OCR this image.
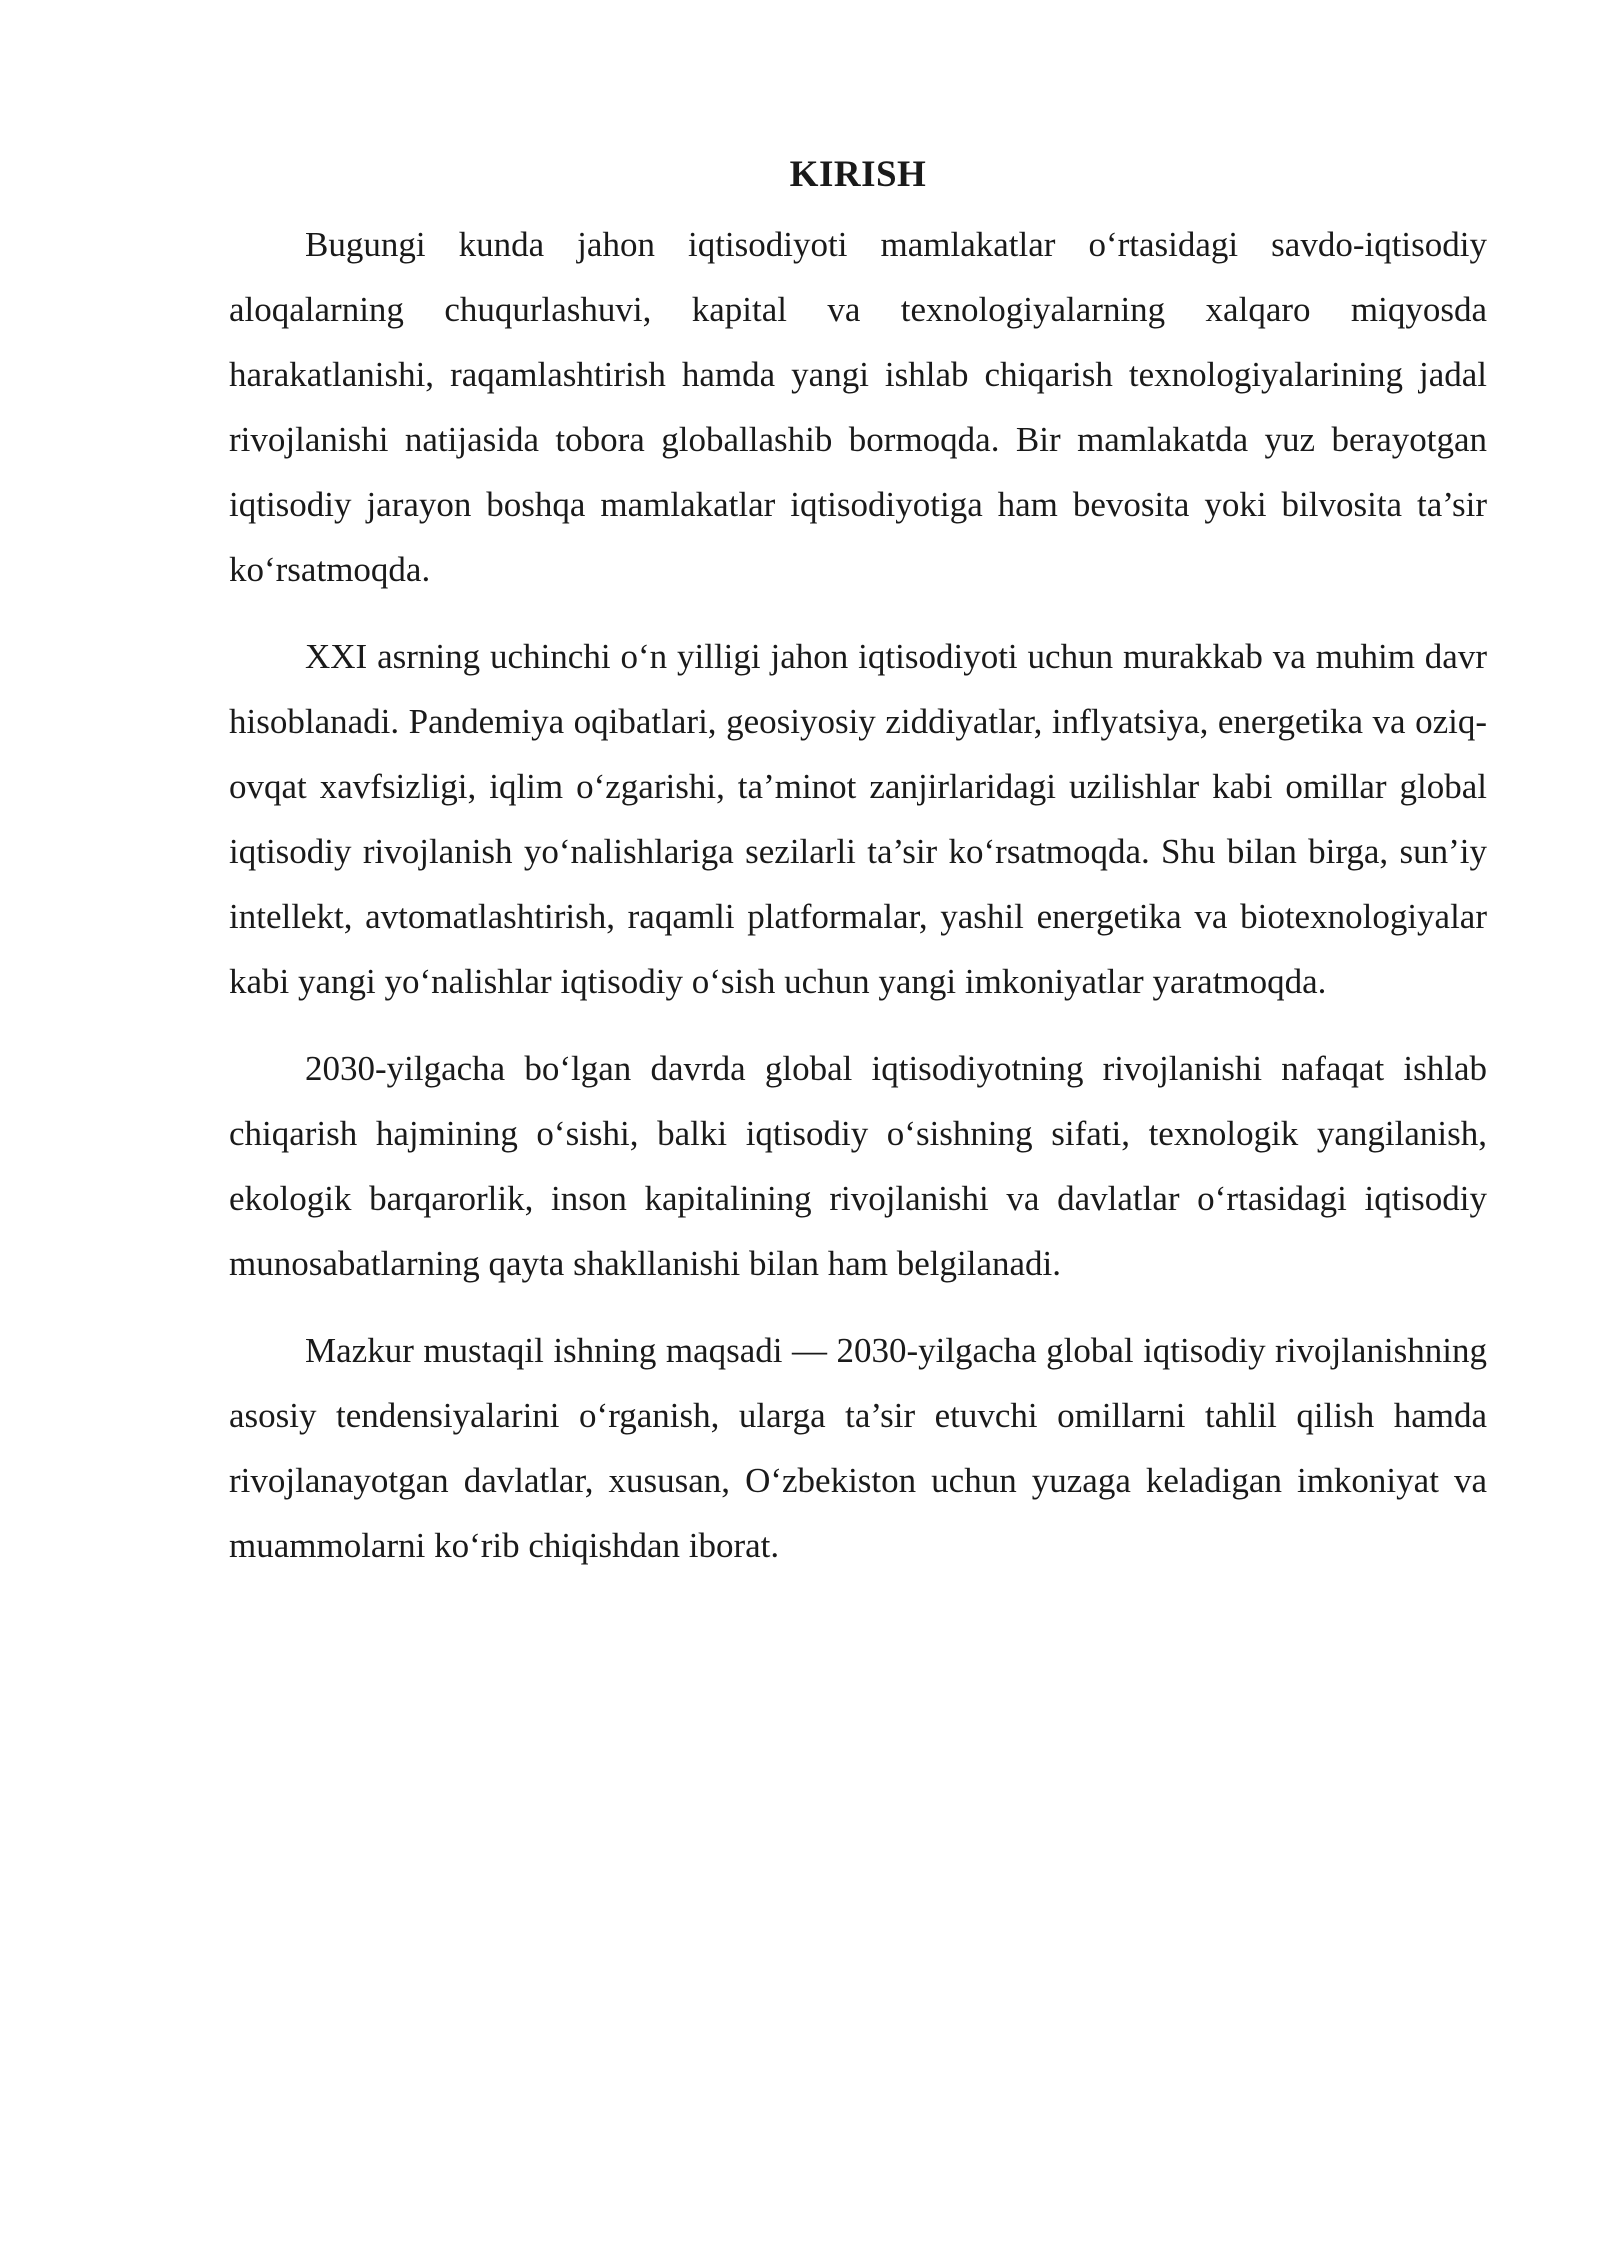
KIRISH

Bugungi kunda jahon iqtisodiyoti mamlakatlar o‘rtasidagi savdo-iqtisodiy aloqalarning chuqurlashuvi, kapital va texnologiyalarning xalqaro miqyosda harakatlanishi, raqamlashtirish hamda yangi ishlab chiqarish texnologiyalarining jadal rivojlanishi natijasida tobora globallashib bormoqda. Bir mamlakatda yuz berayotgan iqtisodiy jarayon boshqa mamlakatlar iqtisodiyotiga ham bevosita yoki bilvosita ta’sir ko‘rsatmoqda.

XXI asrning uchinchi o‘n yilligi jahon iqtisodiyoti uchun murakkab va muhim davr hisoblanadi. Pandemiya oqibatlari, geosiyosiy ziddiyatlar, inflyatsiya, energetika va oziq-ovqat xavfsizligi, iqlim o‘zgarishi, ta’minot zanjirlaridagi uzilishlar kabi omillar global iqtisodiy rivojlanish yo‘nalishlariga sezilarli ta’sir ko‘rsatmoqda. Shu bilan birga, sun’iy intellekt, avtomatlashtirish, raqamli platformalar, yashil energetika va biotexnologiyalar kabi yangi yo‘nalishlar iqtisodiy o‘sish uchun yangi imkoniyatlar yaratmoqda.

2030-yilgacha bo‘lgan davrda global iqtisodiyotning rivojlanishi nafaqat ishlab chiqarish hajmining o‘sishi, balki iqtisodiy o‘sishning sifati, texnologik yangilanish, ekologik barqarorlik, inson kapitalining rivojlanishi va davlatlar o‘rtasidagi iqtisodiy munosabatlarning qayta shakllanishi bilan ham belgilanadi.

Mazkur mustaqil ishning maqsadi — 2030-yilgacha global iqtisodiy rivojlanishning asosiy tendensiyalarini o‘rganish, ularga ta’sir etuvchi omillarni tahlil qilish hamda rivojlanayotgan davlatlar, xususan, O‘zbekiston uchun yuzaga keladigan imkoniyat va muammolarni ko‘rib chiqishdan iborat.
